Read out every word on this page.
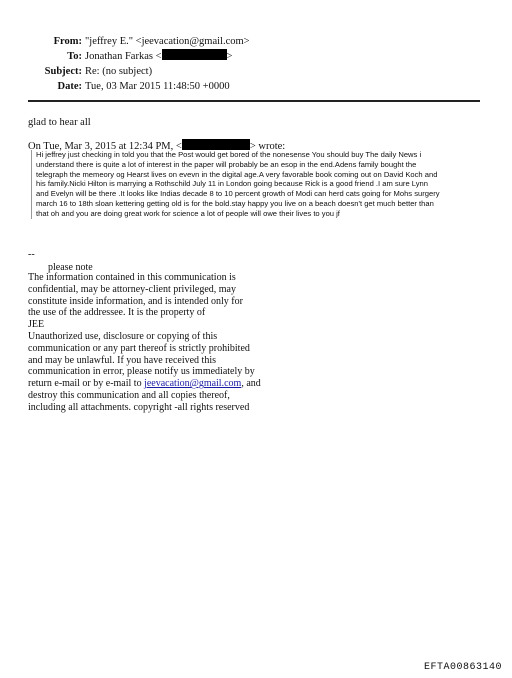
From: "jeffrey E." <jeevacation@gmail.com>
To: Jonathan Farkas <	>
Subject: Re: (no subject)
Date: Tue, 03 Mar 2015 11:48:50 +0000
glad to hear all
On Tue, Mar 3, 2015 at 12:34 PM, <	> wrote:
Hi jeffrey just checking in told you that the Post would get bored of the nonesense You should buy The daily News i
understand there is quite a lot of interest in the paper will probably be an esop in the end.Adens family bought the
telegraph the memeory og Hearst lives on evevn in the digital age.A very favorable book coming out on David Koch and
his family.Nicki Hilton is marrying a Rothschild July 11 in London going because Rick is a good friend .I am sure Lynn
and Evelyn will be there .It looks like Indias decade 8 to 10 percent growth of Modi can herd cats going for Mohs surgery
march 16 to 18th sloan kettering getting old is for the bold.stay happy you live on a beach doesn't get much better than
that oh and you are doing great work for science a lot of people will owe their lives to you jf
--
please note
The information contained in this communication is
confidential, may be attorney-client privileged, may
constitute inside information, and is intended only for
the use of the addressee. It is the property of
JEE
Unauthorized use, disclosure or copying of this
communication or any part thereof is strictly prohibited
and may be unlawful. If you have received this
communication in error, please notify us immediately by
return e-mail or by e-mail to jeevacation@gmail.com, and
destroy this communication and all copies thereof,
including all attachments. copyright -all rights reserved
EFTA00863140
